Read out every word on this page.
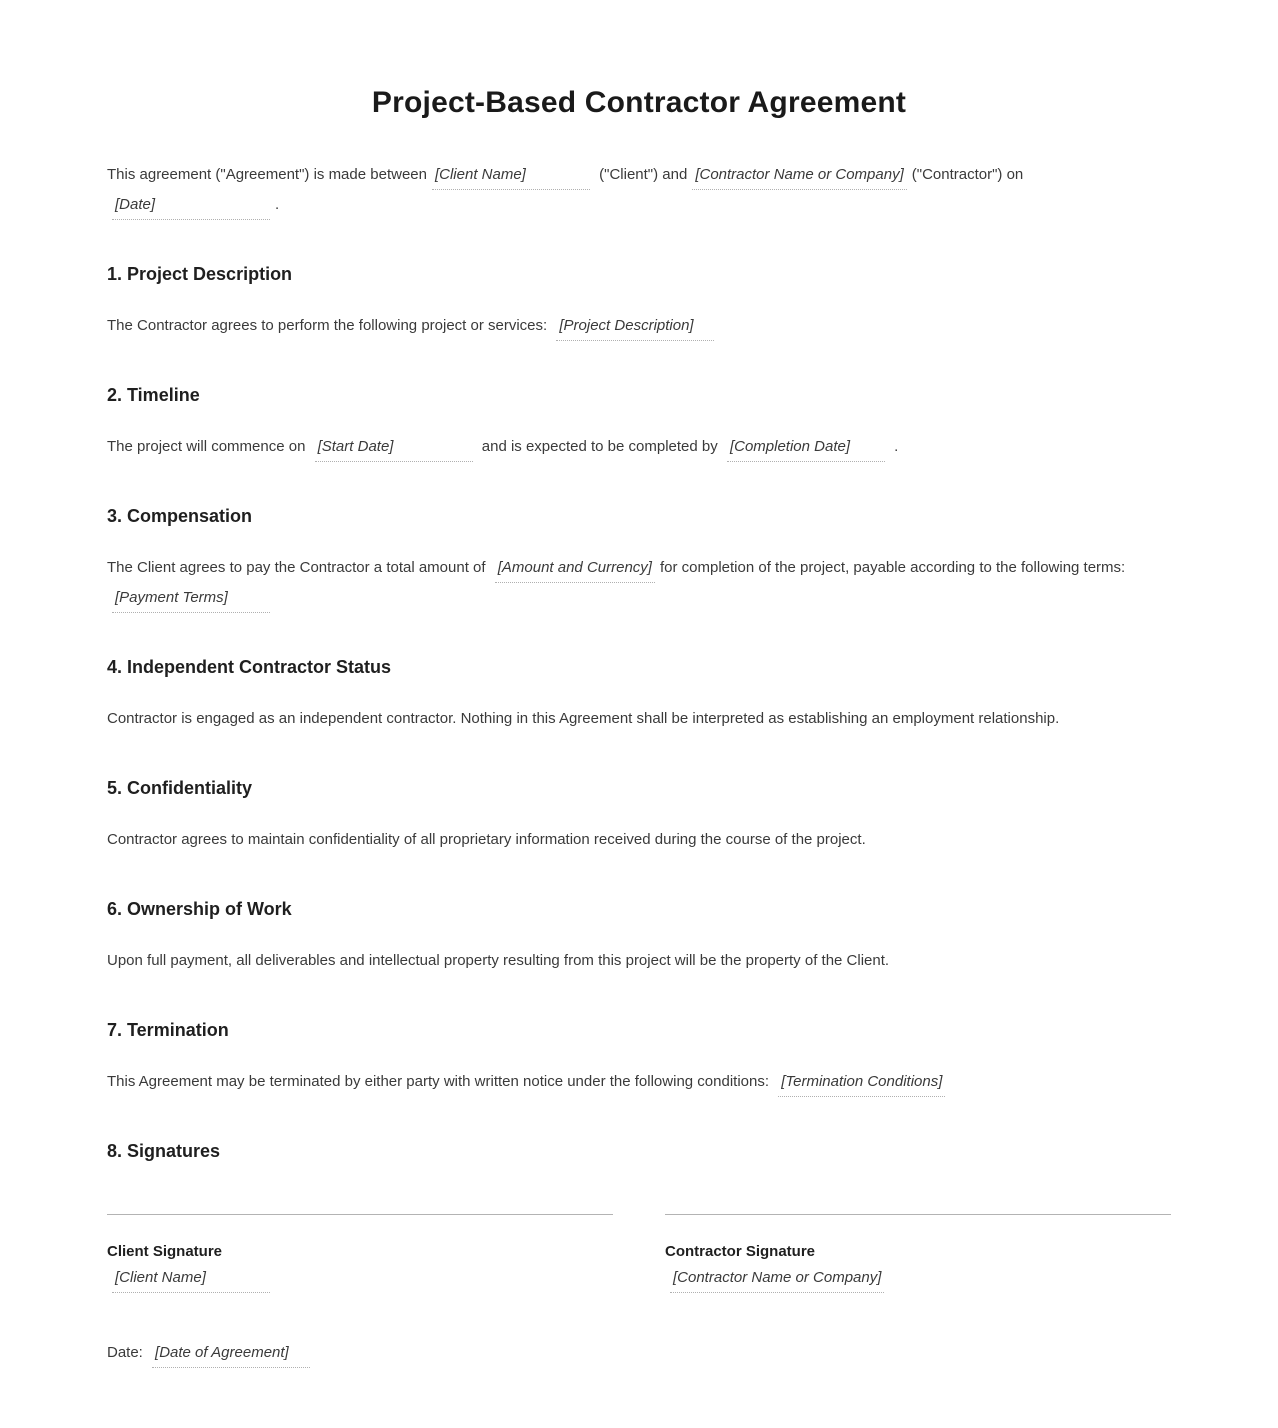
Project-Based Contractor Agreement

This agreement ("Agreement") is made between [Client Name]	("Client") and [Contractor Name or Company] ("Contractor") on [Date]	.

1. Project Description

The Contractor agrees to perform the following project or services: [Project Description]

2. Timeline

The project will commence on [Start Date]	and is expected to be completed by [Completion Date]	.

3. Compensation

The Client agrees to pay the Contractor a total amount of [Amount and Currency] for completion of the project, payable according to the following terms: [Payment Terms]

4. Independent Contractor Status

Contractor is engaged as an independent contractor. Nothing in this Agreement shall be interpreted as establishing an employment relationship.

5. Confidentiality

Contractor agrees to maintain confidentiality of all proprietary information received during the course of the project.

6. Ownership of Work

Upon full payment, all deliverables and intellectual property resulting from this project will be the property of the Client.

7. Termination

This Agreement may be terminated by either party with written notice under the following conditions: [Termination Conditions]

8. Signatures
Client Signature
[Client Name]
Contractor Signature
[Contractor Name or Company]

Date: [Date of Agreement]
